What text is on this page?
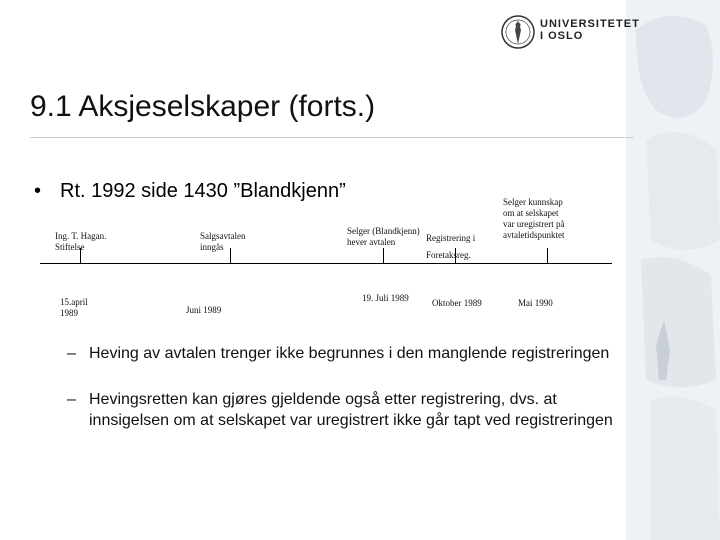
UNIVERSITETET
I OSLO
9.1 Aksjeselskaper (forts.)
• Rt. 1992 side 1430 ”Blandkjenn”
Ing. T. Hagan.
Stiftelse
Salgsavtalen
inngås
Selger (Blandkjenn)
hever avtalen	Registrering i
Foretaksreg.
Selger kunnskap
om at selskapet
var uregistrert på
avtaletidspunktet
15.april
1989	Juni 1989
19. Juli 1989	Oktober 1989	Mai 1990
– Heving av avtalen trenger ikke begrunnes i den manglende registreringen
– Hevingsretten kan gjøres gjeldende også etter registrering, dvs. at innsigelsen om at selskapet var uregistrert ikke går tapt ved registreringen
